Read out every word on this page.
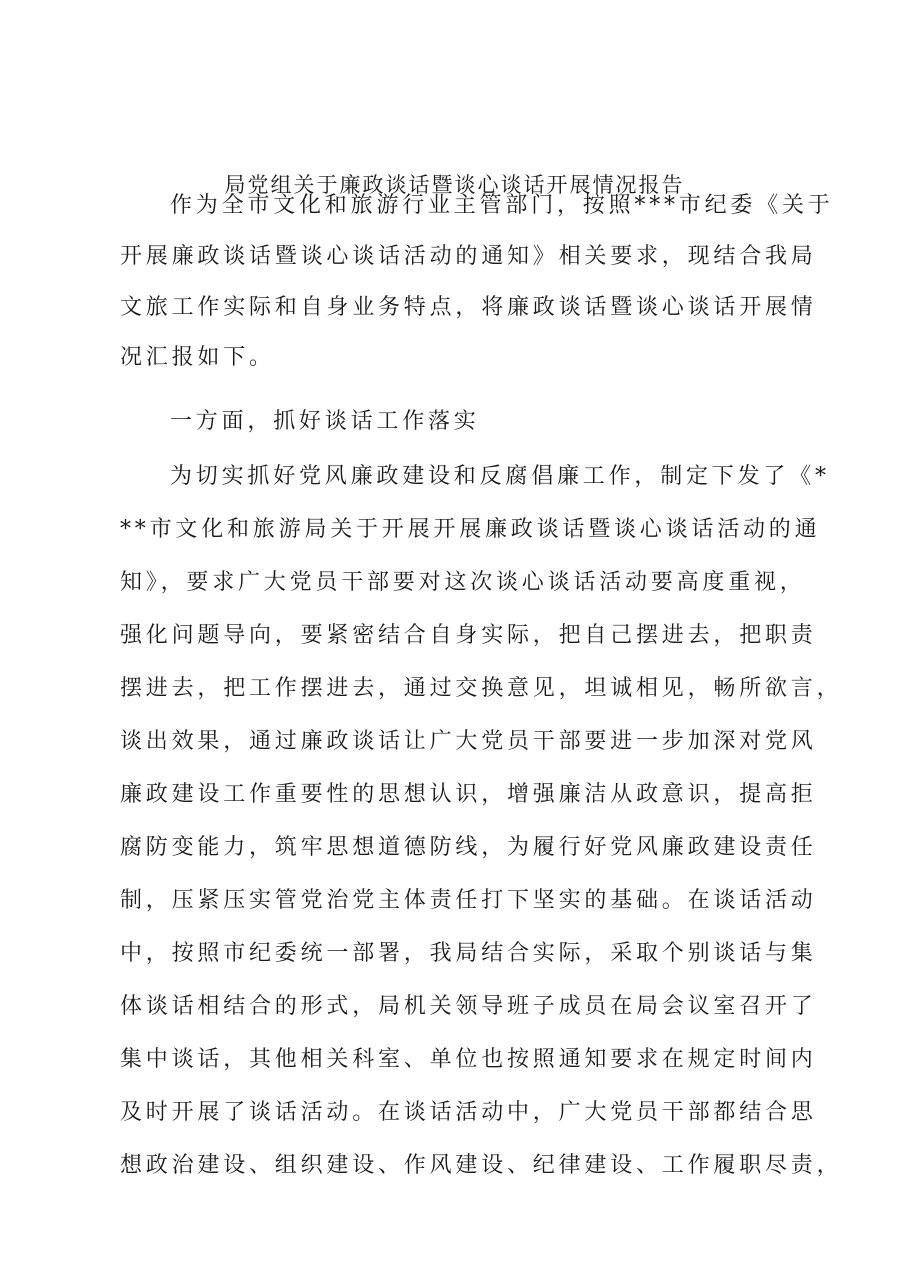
局党组关于廉政谈话暨谈心谈话开展情况报告
作为全市文化和旅游行业主管部门，按照***市纪委《关于
开展廉政谈话暨谈心谈话活动的通知》相关要求，现结合我局
文旅工作实际和自身业务特点，将廉政谈话暨谈心谈话开展情
况汇报如下。
一方面，抓好谈话工作落实
为切实抓好党风廉政建设和反腐倡廉工作，制定下发了《*
**市文化和旅游局关于开展开展廉政谈话暨谈心谈话活动的通
知》，要求广大党员干部要对这次谈心谈话活动要高度重视，
强化问题导向，要紧密结合自身实际，把自己摆进去，把职责
摆进去，把工作摆进去，通过交换意见，坦诚相见，畅所欲言，
谈出效果，通过廉政谈话让广大党员干部要进一步加深对党风
廉政建设工作重要性的思想认识，增强廉洁从政意识，提高拒
腐防变能力，筑牢思想道德防线，为履行好党风廉政建设责任
制，压紧压实管党治党主体责任打下坚实的基础。在谈话活动
中，按照市纪委统一部署，我局结合实际，采取个别谈话与集
体谈话相结合的形式，局机关领导班子成员在局会议室召开了
集中谈话，其他相关科室、单位也按照通知要求在规定时间内
及时开展了谈话活动。在谈话活动中，广大党员干部都结合思
想政治建设、组织建设、作风建设、纪律建设、工作履职尽责，
